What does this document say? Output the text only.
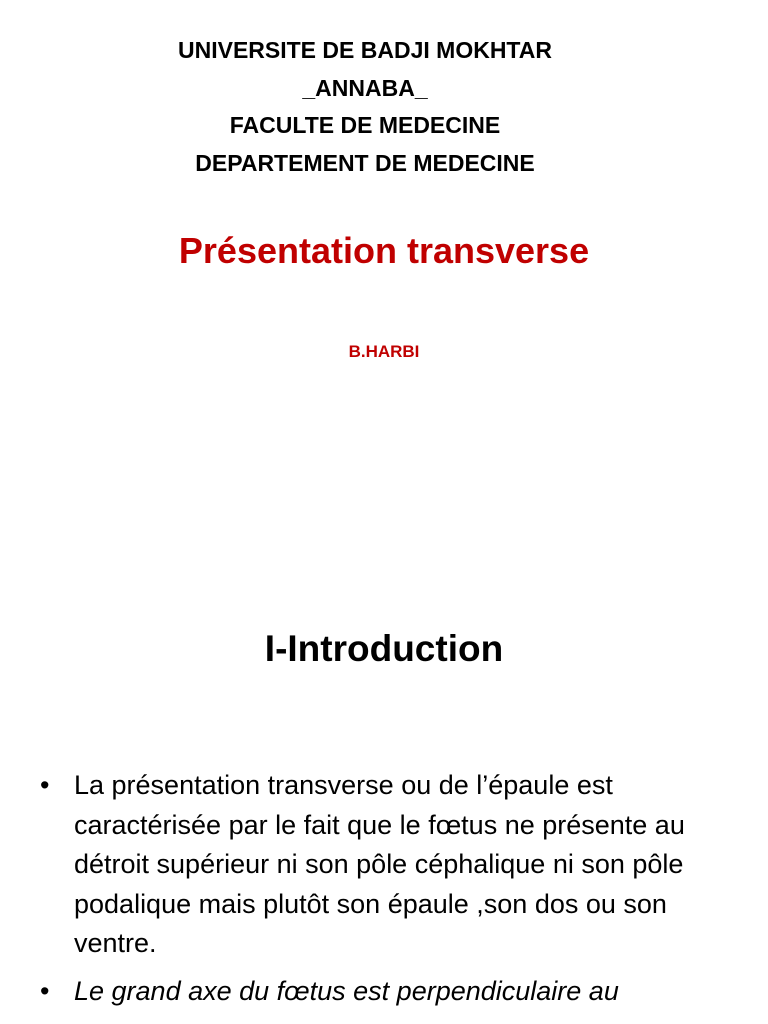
UNIVERSITE DE BADJI MOKHTAR
_ANNABA_
FACULTE DE MEDECINE
DEPARTEMENT DE MEDECINE
Présentation transverse
B.HARBI
I-Introduction
• La présentation transverse ou de l’épaule est caractérisée par le fait que le fœtus ne présente au détroit supérieur ni son pôle céphalique ni son pôle podalique mais plutôt son épaule ,son dos ou son ventre.
• Le grand axe du fœtus est perpendiculaire au
